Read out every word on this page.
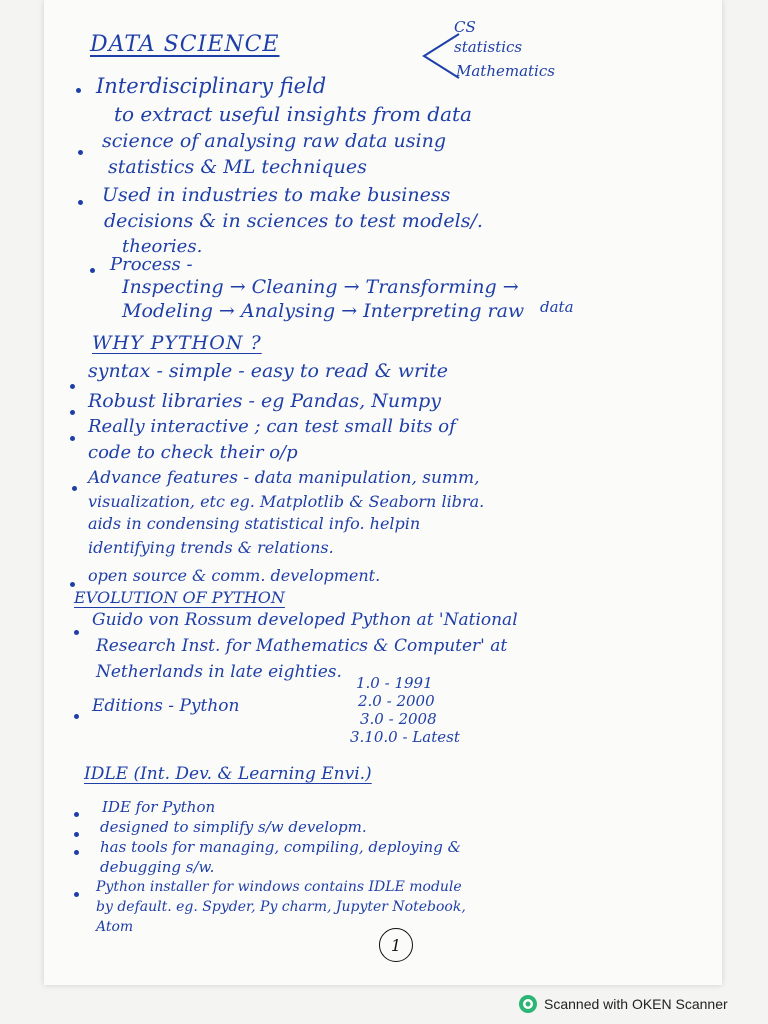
DATA SCIENCE
CS
statistics
Mathematics
Interdisciplinary field
to extract useful insights from data
science of analysing raw data using
statistics & ML techniques
Used in industries to make business
decisions & in sciences to test models/.
theories.
Process -
Inspecting → Cleaning → Transforming →
Modeling → Analysing → Interpreting raw data
WHY PYTHON ?
syntax - simple - easy to read & write
Robust libraries - eg Pandas, Numpy
Really interactive ; can test small bits of
code to check their o/p
Advance features - data manipulation, summ,
visualization, etc eg. Matplotlib & Seaborn libra.
aids in condensing statistical info. helpin
identifying trends & relations.
open source & comm. development.
EVOLUTION OF PYTHON
Guido von Rossum developed Python at 'National
Research Inst. for Mathematics & Computer' at
Netherlands in late eighties.
Editions - Python
1.0 - 1991
2.0 - 2000
3.0 - 2008
3.10.0 - Latest
IDLE (Int. Dev. & Learning Envi.)
IDE for Python
designed to simplify s/w developm.
has tools for managing, compiling, deploying &
debugging s/w.
Python installer for windows contains IDLE module
by default. eg. Spyder, Py charm, Jupyter Notebook,
Atom
1
Scanned with OKEN Scanner
